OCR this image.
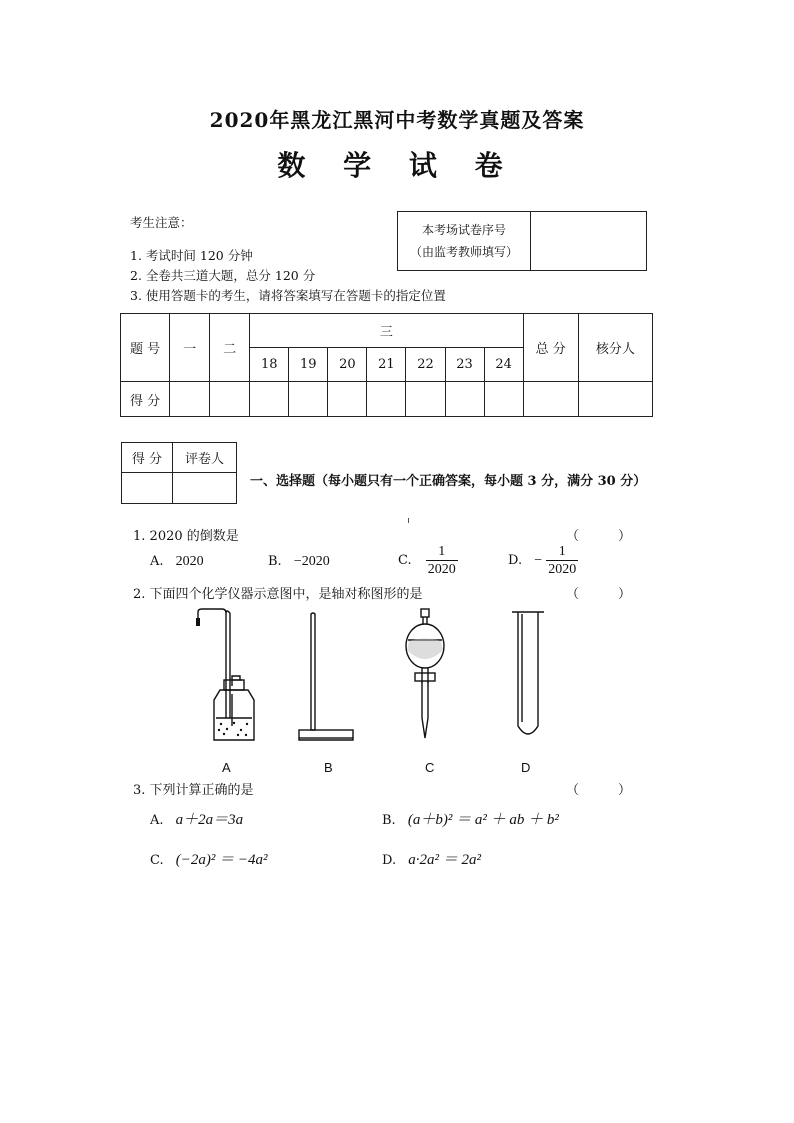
2020年黑龙江黑河中考数学真题及答案
数 学 试 卷
考生注意：
1. 考试时间 120 分钟
2. 全卷共三道大题，总分 120 分
3. 使用答题卡的考生，请将答案填写在答题卡的指定位置
本考场试卷序号
（由监考教师填写）

题 号	一	二	三							总 分	核分人
			18	19	20	21	22	23	24		
得 分											
得 分	评卷人

一、选择题（每小题只有一个正确答案，每小题 3 分，满分 30 分）
1. 2020 的倒数是	（　　　）
A. 2020	B. −2020	C. $\frac{1}{2020}$	D. − $\frac{1}{2020}$
2. 下面四个化学仪器示意图中，是轴对称图形的是	（　　　）
A	B	C	D
3. 下列计算正确的是	（　　　）
A. a＋2a＝3a	B. (a＋b)² ＝ a² ＋ ab ＋ b²
C. (−2a)² ＝ −4a²	D. a·2a² ＝ 2a²
